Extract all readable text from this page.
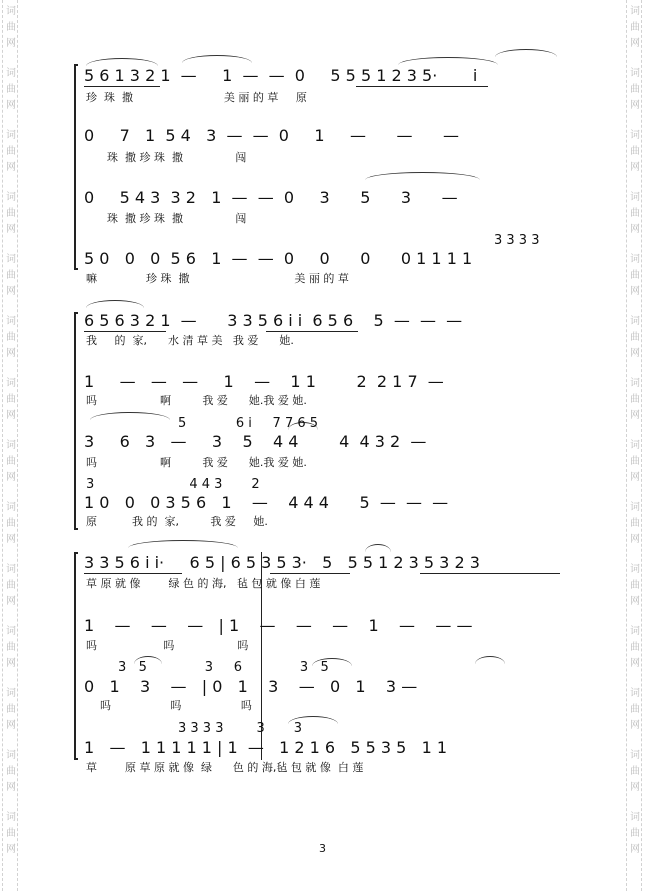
词
曲
网
词
曲
网
词
曲
网
词
曲
网
词
曲
网
词
曲
网
词
曲
网
词
曲
网
词
曲
网
词
曲
网
词
曲
网
词
曲
网
词
曲
网
词
曲
网
词
曲
网
词
曲
网
词
曲
网
词
曲
网
词
曲
网
词
曲
网
词
曲
网
词
曲
网
词
曲
网
词
曲
网
词
曲
网
词
曲
网
词
曲
网
词
曲
网
5 6 1 3 2 1  —     1  —  —  0     5 5 5 1 2 3 5·       i
珍  珠  撒                          美 丽 的 草     原
0     7   1  5 4   3  —  —  0     1     —      —      —
珠  撒 珍 珠  撒               闯
0     5 4 3  3 2   1  —  —  0     3      5      3      —
珠  撒 珍 珠  撒               闯
3 3 3 3
5 0   0   0  5 6   1  —  —  0     0      0      0 1 1 1 1
嘛              珍 珠  撒                              美 丽 的 草
6 5 6 3 2 1  —      3 3 5 6 i i  6 5 6    5  —  —  —
我     的  家,      水 清 草 美   我 爱      她.
1     —   —   —     1    —    1 1        2  2 1 7  —
吗                  啊         我 爱      她.我 爱 她.
5            6 i     7 7 6 5
3     6   3   —     3    5    4 4        4  4 3 2  —
吗                  啊         我 爱      她.我 爱 她.
3                       4 4 3       2
1 0   0   0 3 5 6   1    —    4 4 4      5  —  —  —
原          我 的  家,         我 爱     她.
3 3 5 6 i i·     6 5 | 6 5 3 5 3·   5   5 5 1 2 3 5 3 2 3
草 原 就 像        绿 色 的 海,   毡 包 就 像 白 莲
1    —    —    —   | 1    —    —    —    1    —    — —
吗                   吗                  吗
3   5              3     6              3   5
0   1    3    —   | 0   1    3    —   0   1    3 —
吗                 吗                 吗
3 3 3 3        3       3
1   —   1 1 1 1 1 | 1  —   1 2 1 6   5 5 3 5   1 1
草        原 草 原 就 像  绿      色 的 海,毡 包 就 像  白 莲
3
